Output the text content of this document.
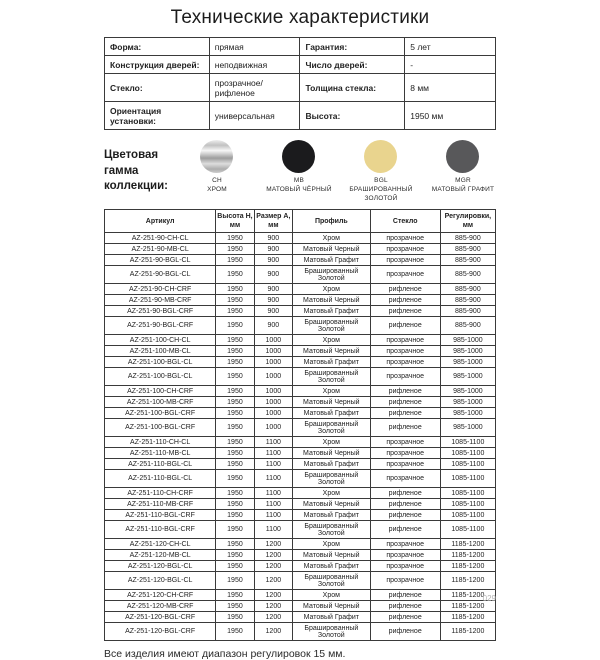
Технические характеристики
Форма:	прямая	Гарантия:	5 лет
Конструкция дверей:	неподвижная	Число дверей:	-
Стекло:	прозрачное/рифленое	Толщина стекла:	8 мм
Ориентация установки:	универсальная	Высота:	1950 мм
Цветовая гамма коллекции:	CH
ХРОМ
MB
МАТОВЫЙ ЧЁРНЫЙ
BGL
БРАШИРОВАННЫЙ ЗОЛОТОЙ
MGR
МАТОВЫЙ ГРАФИТ
Артикул	Высота H, мм	Размер A, мм	Профиль	Стекло	Регулировки, мм
AZ-251-90-CH-CL	1950	900	Хром	прозрачное	885-900
AZ-251-90-MB-CL	1950	900	Матовый Черный	прозрачное	885-900
AZ-251-90-BGL-CL	1950	900	Матовый Графит	прозрачное	885-900
AZ-251-90-BGL-CL	1950	900	Брашированный Золотой	прозрачное	885-900
AZ-251-90-CH-CRF	1950	900	Хром	рифленое	885-900
AZ-251-90-MB-CRF	1950	900	Матовый Черный	рифленое	885-900
AZ-251-90-BGL-CRF	1950	900	Матовый Графит	рифленое	885-900
AZ-251-90-BGL-CRF	1950	900	Брашированный Золотой	рифленое	885-900
AZ-251-100-CH-CL	1950	1000	Хром	прозрачное	985-1000
AZ-251-100-MB-CL	1950	1000	Матовый Черный	прозрачное	985-1000
AZ-251-100-BGL-CL	1950	1000	Матовый Графит	прозрачное	985-1000
AZ-251-100-BGL-CL	1950	1000	Брашированный Золотой	прозрачное	985-1000
AZ-251-100-CH-CRF	1950	1000	Хром	рифленое	985-1000
AZ-251-100-MB-CRF	1950	1000	Матовый Черный	рифленое	985-1000
AZ-251-100-BGL-CRF	1950	1000	Матовый Графит	рифленое	985-1000
AZ-251-100-BGL-CRF	1950	1000	Брашированный Золотой	рифленое	985-1000
AZ-251-110-CH-CL	1950	1100	Хром	прозрачное	1085-1100
AZ-251-110-MB-CL	1950	1100	Матовый Черный	прозрачное	1085-1100
AZ-251-110-BGL-CL	1950	1100	Матовый Графит	прозрачное	1085-1100
AZ-251-110-BGL-CL	1950	1100	Брашированный Золотой	прозрачное	1085-1100
AZ-251-110-CH-CRF	1950	1100	Хром	рифленое	1085-1100
AZ-251-110-MB-CRF	1950	1100	Матовый Черный	рифленое	1085-1100
AZ-251-110-BGL-CRF	1950	1100	Матовый Графит	рифленое	1085-1100
AZ-251-110-BGL-CRF	1950	1100	Брашированный Золотой	рифленое	1085-1100
AZ-251-120-CH-CL	1950	1200	Хром	прозрачное	1185-1200
AZ-251-120-MB-CL	1950	1200	Матовый Черный	прозрачное	1185-1200
AZ-251-120-BGL-CL	1950	1200	Матовый Графит	прозрачное	1185-1200
AZ-251-120-BGL-CL	1950	1200	Брашированный Золотой	прозрачное	1185-1200
AZ-251-120-CH-CRF	1950	1200	Хром	рифленое	1185-1200
AZ-251-120-MB-CRF	1950	1200	Матовый Черный	рифленое	1185-1200
AZ-251-120-BGL-CRF	1950	1200	Матовый Графит	рифленое	1185-1200
AZ-251-120-BGL-CRF	1950	1200	Брашированный Золотой	рифленое	1185-1200
Все изделия имеют диапазон регулировок 15 мм.
029
